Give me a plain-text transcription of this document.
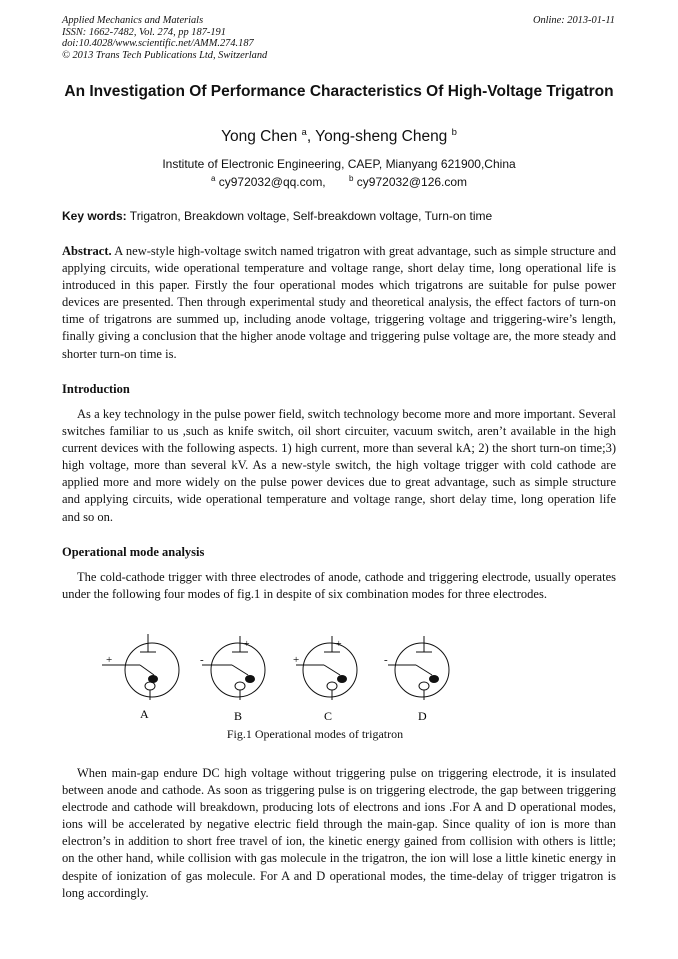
Applied Mechanics and Materials
ISSN: 1662-7482, Vol. 274, pp 187-191
doi:10.4028/www.scientific.net/AMM.274.187
© 2013 Trans Tech Publications Ltd, Switzerland
Online: 2013-01-11
An Investigation Of Performance Characteristics Of High-Voltage Trigatron
Yong Chen $^a$, Yong-sheng Cheng $^b$
Institute of Electronic Engineering, CAEP, Mianyang 621900,China
$^a$ cy972032@qq.com,	$^b$ cy972032@126.com
Key words: Trigatron, Breakdown voltage, Self-breakdown voltage, Turn-on time
Abstract. A new-style high-voltage switch named trigatron with great advantage, such as simple structure and applying circuits, wide operational temperature and voltage range, short delay time, long operational life is introduced in this paper. Firstly the four operational modes which trigatrons are suitable for pulse power devices are presented. Then through experimental study and theoretical analysis, the effect factors of turn-on time of trigatrons are summed up, including anode voltage, triggering voltage and triggering-wire’s length, finally giving a conclusion that the higher anode voltage and triggering pulse voltage are, the more steady and shorter turn-on time is.
Introduction
As a key technology in the pulse power field, switch technology become more and more important. Several switches familiar to us ,such as knife switch, oil short circuiter, vacuum switch, aren’t available in the high current devices with the following aspects. 1) high current, more than several kA; 2) the short turn-on time;3) high voltage, more than several kV. As a new-style switch, the high voltage trigger with cold cathode are applied more and more widely on the pulse power devices due to great advantage, such as simple structure and applying circuits, wide operational temperature and voltage range, short delay time, long operation life and so on.
Operational mode analysis
The cold-cathode trigger with three electrodes of anode, cathode and triggering electrode, usually operates under the following four modes of fig.1 in despite of six combination modes for three electrodes.
+	-	+	-
+	+
A	B	C	D
Fig.1 Operational modes of trigatron
When main-gap endure DC high voltage without triggering pulse on triggering electrode, it is insulated between anode and cathode. As soon as triggering pulse is on triggering electrode, the gap between triggering electrode and cathode will breakdown, producing lots of electrons and ions .For A and D operational modes, ions will be accelerated by negative electric field through the main-gap. Since quality of ion is more than electron’s in addition to short free travel of ion, the kinetic energy gained from collision with others is little; on the other hand, while collision with gas molecule in the trigatron, the ion will lose a little kinetic energy in despite of ionization of gas molecule. For A and D operational modes, the time-delay of trigger trigatron is long accordingly.
